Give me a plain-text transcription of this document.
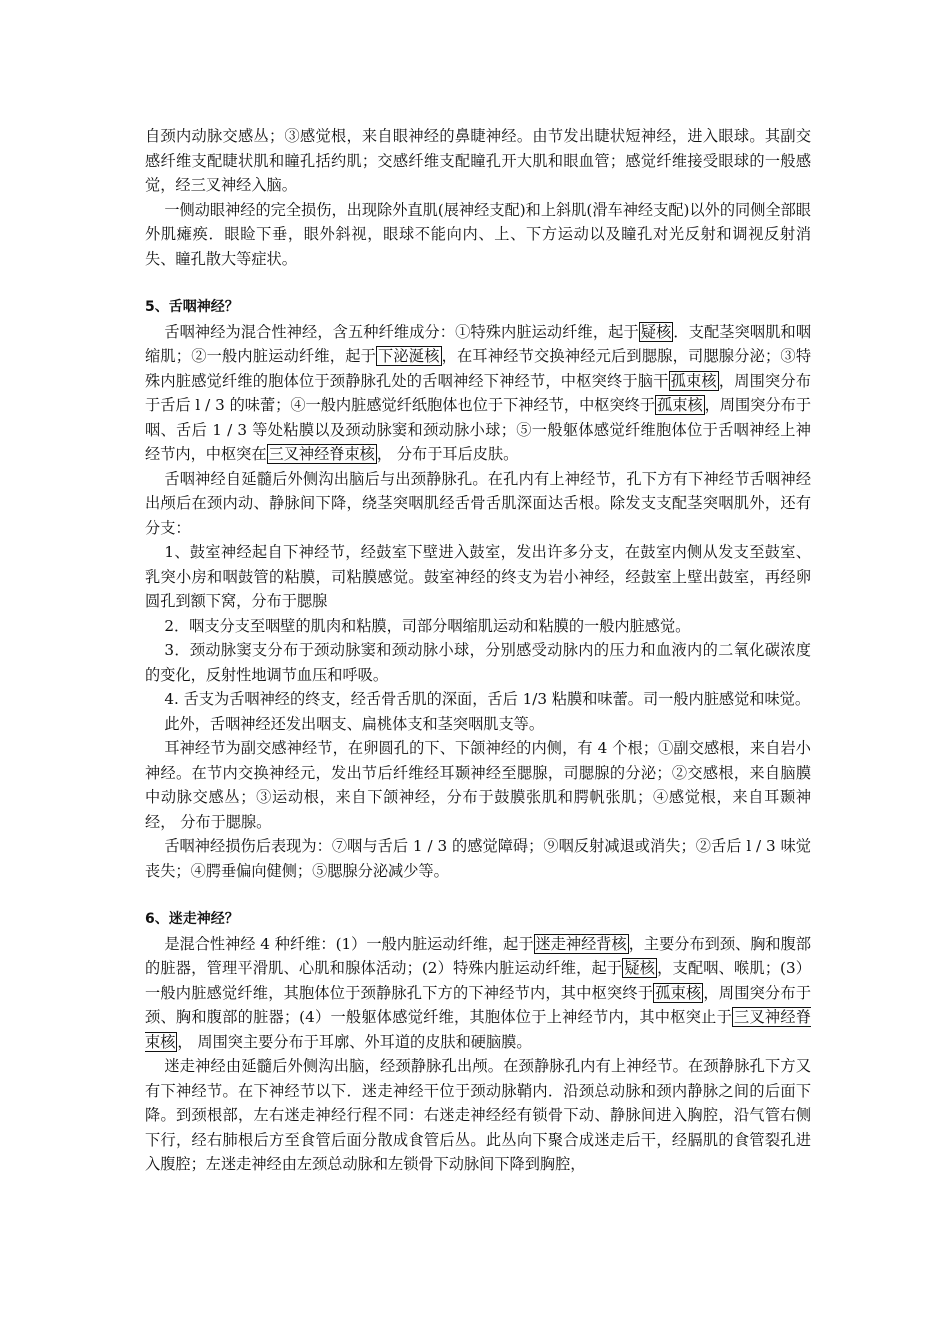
自颈内动脉交感丛；③感觉根，来自眼神经的鼻睫神经。由节发出睫状短神经，进入眼球。其副交感纤维支配睫状肌和瞳孔括约肌；交感纤维支配瞳孔开大肌和眼血管；感觉纤维接受眼球的一般感觉，经三叉神经入脑。

一侧动眼神经的完全损伤，出现除外直肌(展神经支配)和上斜肌(滑车神经支配)以外的同侧全部眼外肌瘫痪．眼睑下垂，眼外斜视，眼球不能向内、上、下方运动以及瞳孔对光反射和调视反射消失、瞳孔散大等症状。

5、舌咽神经？

舌咽神经为混合性神经，含五种纤维成分：①特殊内脏运动纤维，起于 疑核 ．支配茎突咽肌和咽缩肌；②一般内脏运动纤维，起于 下泌涎核 ，在耳神经节交换神经元后到腮腺，司腮腺分泌；③特殊内脏感觉纤维的胞体位于颈静脉孔处的舌咽神经下神经节，中枢突终于脑干 孤束核 ，周围突分布于舌后 l / 3 的味蕾；④一般内脏感觉纤纸胞体也位于下神经节，中枢突终于 孤束核 ，周围突分布于咽、舌后 1 / 3 等处粘膜以及颈动脉窦和颈动脉小球；⑤一般躯体感觉纤维胞体位于舌咽神经上神经节内，中枢突在 三叉神经脊束核 ， 分布于耳后皮肤。

舌咽神经自延髓后外侧沟出脑后与出颈静脉孔。在孔内有上神经节，孔下方有下神经节舌咽神经出颅后在颈内动、静脉间下降，绕茎突咽肌经舌骨舌肌深面达舌根。除发支支配茎突咽肌外，还有分支：

1、鼓室神经起自下神经节，经鼓室下壁进入鼓室，发出许多分支，在鼓室内侧从发支至鼓室、乳突小房和咽鼓管的粘膜，司粘膜感觉。鼓室神经的终支为岩小神经，经鼓室上壁出鼓室，再经卵圆孔到额下窝，分布于腮腺

2．咽支分支至咽壁的肌肉和粘膜，司部分咽缩肌运动和粘膜的一般内脏感觉。

3．颈动脉窦支分布于颈动脉窦和颈动脉小球，分别感受动脉内的压力和血液内的二氧化碳浓度的变化，反射性地调节血压和呼吸。

4. 舌支为舌咽神经的终支，经舌骨舌肌的深面，舌后 1/3 粘膜和味蕾。司一般内脏感觉和味觉。

此外，舌咽神经还发出咽支、扁桃体支和茎突咽肌支等。

耳神经节为副交感神经节，在卵圆孔的下、下颌神经的内侧，有 4 个根；①副交感根，来自岩小神经。在节内交换神经元，发出节后纤维经耳颞神经至腮腺，司腮腺的分泌；②交感根，来自脑膜中动脉交感丛；③运动根，来自下颌神经，分布于鼓膜张肌和腭帆张肌；④感觉根，来自耳颞神经， 分布于腮腺。

舌咽神经损伤后表现为：⑦咽与舌后 1 / 3 的感觉障碍；⑨咽反射减退或消失；②舌后 l / 3 味觉丧失；④腭垂偏向健侧；⑤腮腺分泌减少等。

6、迷走神经？

是混合性神经 4 种纤维：(1）一般内脏运动纤维，起于 迷走神经背核 ，主要分布到颈、胸和腹部的脏器，管理平滑肌、心肌和腺体活动；(2）特殊内脏运动纤维，起于 疑核 ，支配咽、喉肌；(3）一般内脏感觉纤维，其胞体位于颈静脉孔下方的下神经节内，其中枢突终于 孤束核 ，周围突分布于颈、胸和腹部的脏器；(4）一般躯体感觉纤维，其胞体位于上神经节内，其中枢突止于 三叉神经脊束核 ， 周围突主要分布于耳廓、外耳道的皮肤和硬脑膜。

迷走神经由延髓后外侧沟出脑，经颈静脉孔出颅。在颈静脉孔内有上神经节。在颈静脉孔下方又有下神经节。在下神经节以下．迷走神经干位于颈动脉鞘内．沿颈总动脉和颈内静脉之间的后面下降。到颈根部，左右迷走神经行程不同：右迷走神经经有锁骨下动、静脉间进入胸腔，沿气管右侧下行，经右肺根后方至食管后面分散成食管后丛。此丛向下聚合成迷走后干，经膈肌的食管裂孔进入腹腔；左迷走神经由左颈总动脉和左锁骨下动脉间下降到胸腔，
